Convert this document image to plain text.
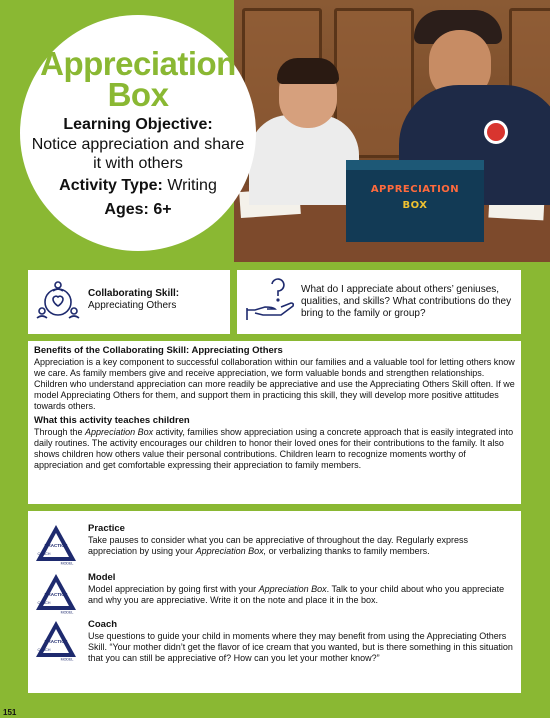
APPRECIATION
BOX
Appreciation
Box
Learning Objective:
Notice appreciation and share it with others
Activity Type: Writing
Ages: 6+
Collaborating Skill:
Appreciating Others
What do I appreciate about others’ geniuses, qualities, and skills? What contributions do they bring to the family or group?
Benefits of the Collaborating Skill: Appreciating Others
Appreciation is a key component to successful collaboration within our families and a valuable tool for letting others know we care. As family members give and receive appreciation, we form valuable bonds and strengthen relationships. Children who understand appreciation can more readily be appreciative and use the Appreciating Others Skill often. If we model Appreciating Others for them, and support them in practicing this skill, they will develop more positive attitudes towards others.
What this activity teaches children
Through the Appreciation Box activity, families show appreciation using a concrete approach that is easily integrated into daily routines. The activity encourages our children to honor their loved ones for their contributions to the family. It also shows children how others value their personal contributions. Children learn to recognize moments worthy of appreciation and get comfortable expressing their appreciation to family members.
PRACTICE
COACH
MODEL
Practice
Take pauses to consider what you can be appreciative of throughout the day. Regularly express appreciation by using your Appreciation Box, or verbalizing thanks to family members.
PRACTICE
COACH
MODEL
Model
Model appreciation by going first with your Appreciation Box. Talk to your child about who you appreciate and why you are appreciative. Write it on the note and place it in the box.
PRACTICE
COACH
MODEL
Coach
Use questions to guide your child in moments where they may benefit from using the Appreciating Others Skill. “Your mother didn’t get the flavor of ice cream that you wanted, but is there something in this situation that you can still be appreciative of? How can you let your mother know?”
151
